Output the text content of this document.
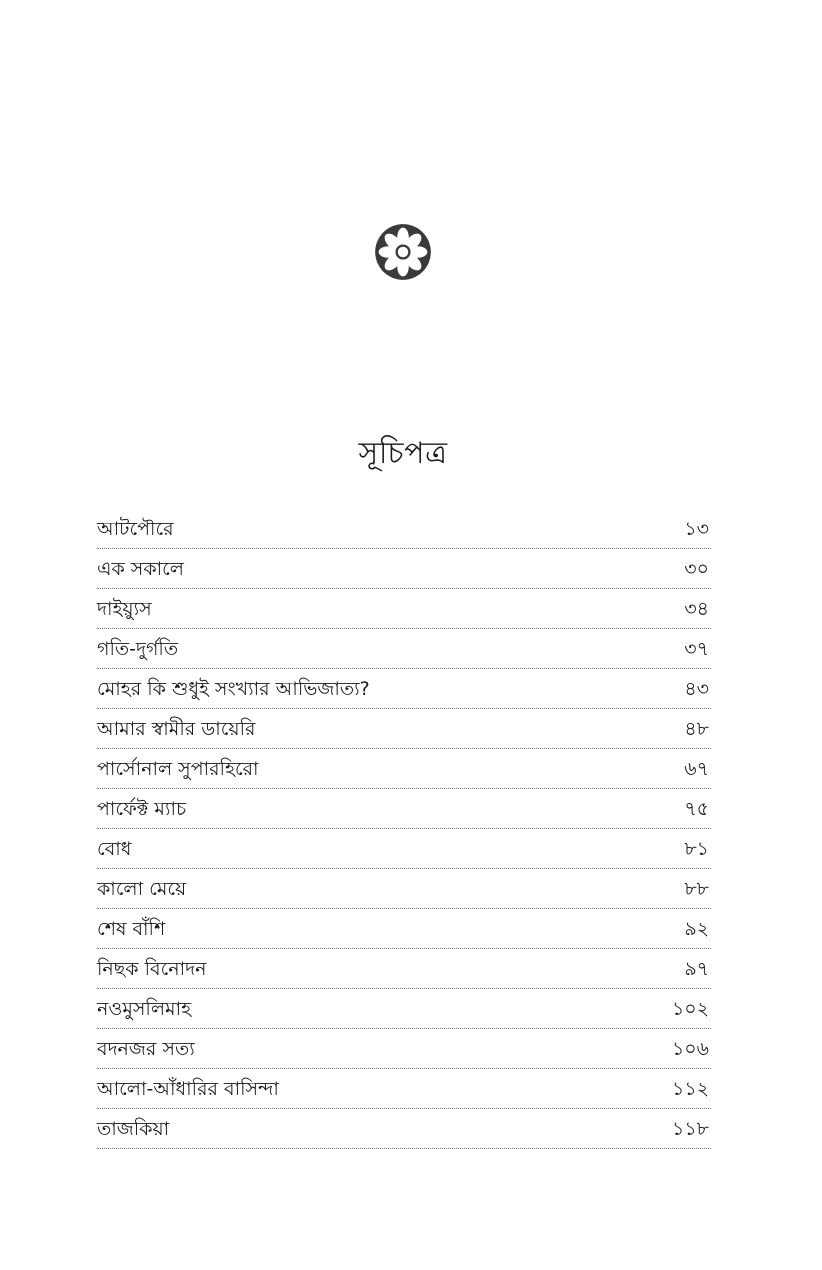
সূচিপত্র
আটপৌরে	১৩
এক সকালে	৩০
দাইয়্যুস	৩৪
গতি-দুর্গতি	৩৭
মোহর কি শুধুই সংখ্যার আভিজাত্য?	৪৩
আমার স্বামীর ডায়েরি	৪৮
পার্সোনাল সুপারহিরো	৬৭
পার্ফেক্ট ম্যাচ	৭৫
বোধ	৮১
কালো মেয়ে	৮৮
শেষ বাঁশি	৯২
নিছক বিনোদন	৯৭
নওমুসলিমাহ	১০২
বদনজর সত্য	১০৬
আলো-আঁধারির বাসিন্দা	১১২
তাজকিয়া	১১৮
